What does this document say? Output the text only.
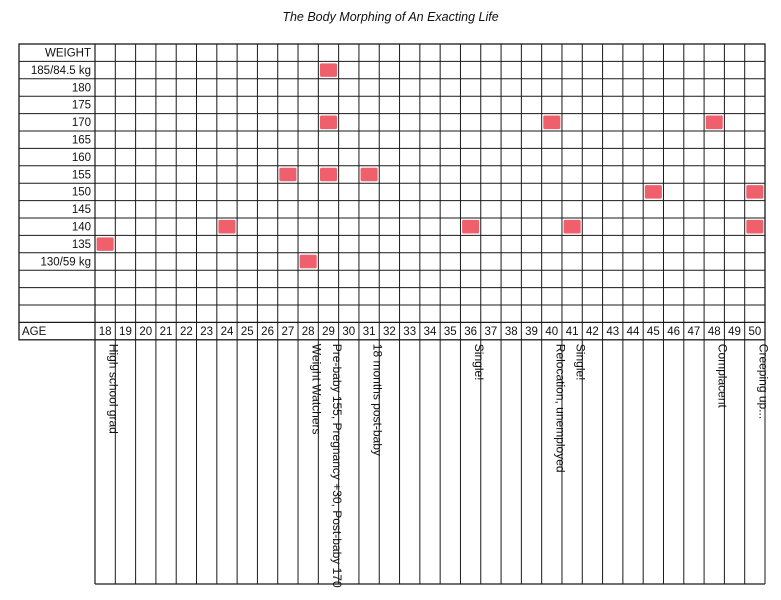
The Body Morphing of An Exacting Life
WEIGHT
185/84.5 kg
180
175
170
165
160
155
150
145
140
135
130/59 kg
AGE	18 19 20 21 22 23 24 25 26 27 28 29 30 31 32 33 34 35 36 37 38 39 40 41 42 43 44 45 46 47 48 49 50
High school grad	Weight Watchers Pre-baby 155, Pregnancy +30, Post-baby 170 18 months post-baby	Single!	Relocation, unemployed Single!	Complacent Creeping up...
